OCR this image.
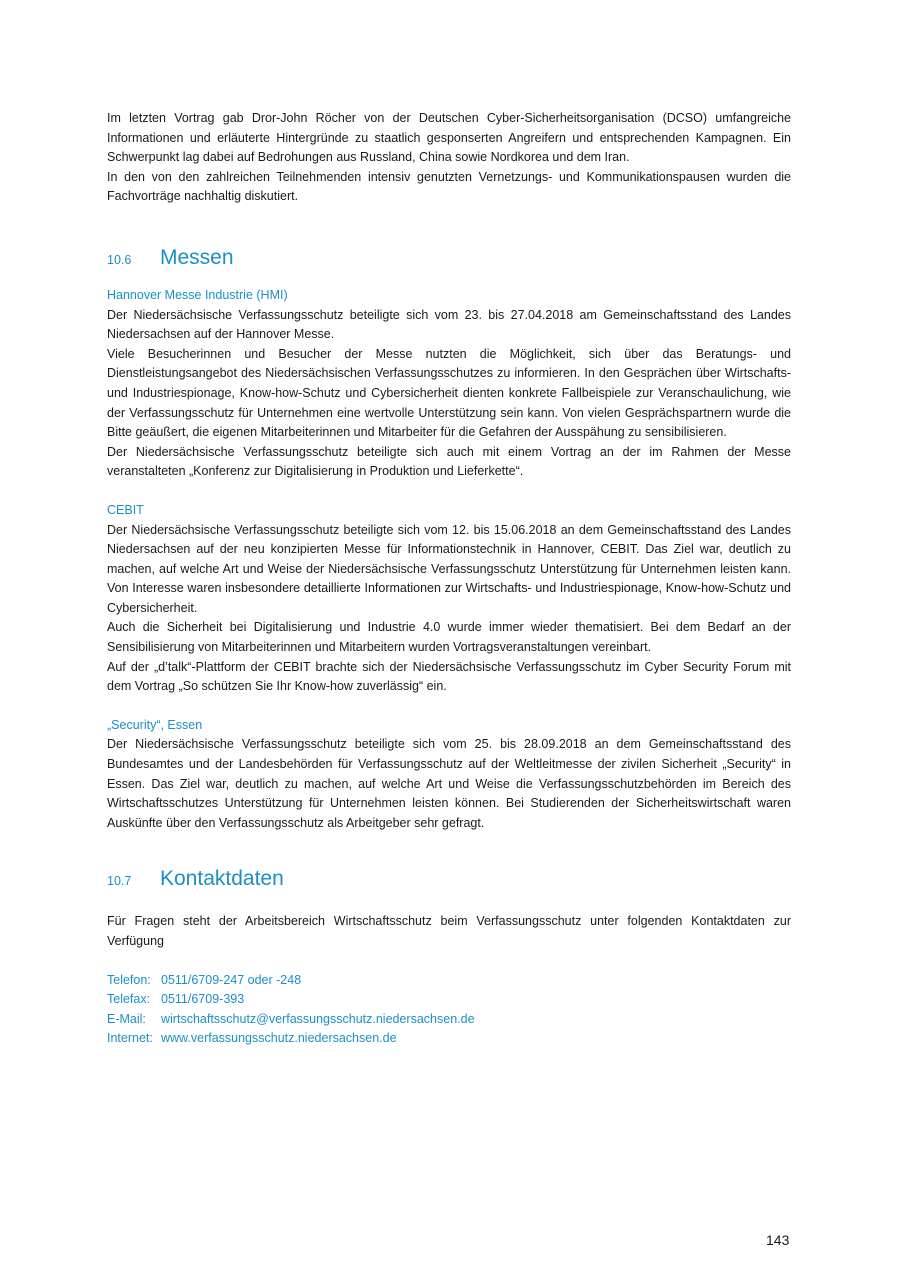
Im letzten Vortrag gab Dror-John Röcher von der Deutschen Cyber-Sicherheitsorganisation (DCSO) umfangreiche Informationen und erläuterte Hintergründe zu staatlich gesponserten Angreifern und entsprechenden Kampagnen. Ein Schwerpunkt lag dabei auf Bedrohungen aus Russland, China sowie Nordkorea und dem Iran.

In den von den zahlreichen Teilnehmenden intensiv genutzten Vernetzungs- und Kommunikationspausen wurden die Fachvorträge nachhaltig diskutiert.

10.6	Messen

Hannover Messe Industrie (HMI)

Der Niedersächsische Verfassungsschutz beteiligte sich vom 23. bis 27.04.2018 am Gemeinschaftsstand des Landes Niedersachsen auf der Hannover Messe.

Viele Besucherinnen und Besucher der Messe nutzten die Möglichkeit, sich über das Beratungs- und Dienstleistungsangebot des Niedersächsischen Verfassungsschutzes zu informieren. In den Gesprächen über Wirtschafts- und Industriespionage, Know-how-Schutz und Cybersicherheit dienten konkrete Fallbeispiele zur Veranschaulichung, wie der Verfassungsschutz für Unternehmen eine wertvolle Unterstützung sein kann. Von vielen Gesprächspartnern wurde die Bitte geäußert, die eigenen Mitarbeiterinnen und Mitarbeiter für die Gefahren der Ausspähung zu sensibilisieren.

Der Niedersächsische Verfassungsschutz beteiligte sich auch mit einem Vortrag an der im Rahmen der Messe veranstalteten „Konferenz zur Digitalisierung in Produktion und Lieferkette“.

CEBIT

Der Niedersächsische Verfassungsschutz beteiligte sich vom 12. bis 15.06.2018 an dem Gemeinschaftsstand des Landes Niedersachsen auf der neu konzipierten Messe für Informationstechnik in Hannover, CEBIT. Das Ziel war, deutlich zu machen, auf welche Art und Weise der Niedersächsische Verfassungsschutz Unterstützung für Unternehmen leisten kann. Von Interesse waren insbesondere detaillierte Informationen zur Wirtschafts- und Industriespionage, Know-how-Schutz und Cybersicherheit.

Auch die Sicherheit bei Digitalisierung und Industrie 4.0 wurde immer wieder thematisiert. Bei dem Bedarf an der Sensibilisierung von Mitarbeiterinnen und Mitarbeitern wurden Vortragsveranstaltungen vereinbart.

Auf der „d’talk“-Plattform der CEBIT brachte sich der Niedersächsische Verfassungsschutz im Cyber Security Forum mit dem Vortrag „So schützen Sie Ihr Know-how zuverlässig“ ein.

„Security“, Essen

Der Niedersächsische Verfassungsschutz beteiligte sich vom 25. bis 28.09.2018 an dem Gemeinschaftsstand des Bundesamtes und der Landesbehörden für Verfassungsschutz auf der Weltleitmesse der zivilen Sicherheit „Security“ in Essen. Das Ziel war, deutlich zu machen, auf welche Art und Weise die Verfassungsschutzbehörden im Bereich des Wirtschaftsschutzes Unterstützung für Unternehmen leisten können. Bei Studierenden der Sicherheitswirtschaft waren Auskünfte über den Verfassungsschutz als Arbeitgeber sehr gefragt.

10.7	Kontaktdaten

Für Fragen steht der Arbeitsbereich Wirtschaftsschutz beim Verfassungsschutz unter folgenden Kontaktdaten zur Verfügung

Telefon: 0511/6709-247 oder -248
Telefax: 0511/6709-393
E-Mail:	wirtschaftsschutz@verfassungsschutz.niedersachsen.de
Internet: www.verfassungsschutz.niedersachsen.de
143
